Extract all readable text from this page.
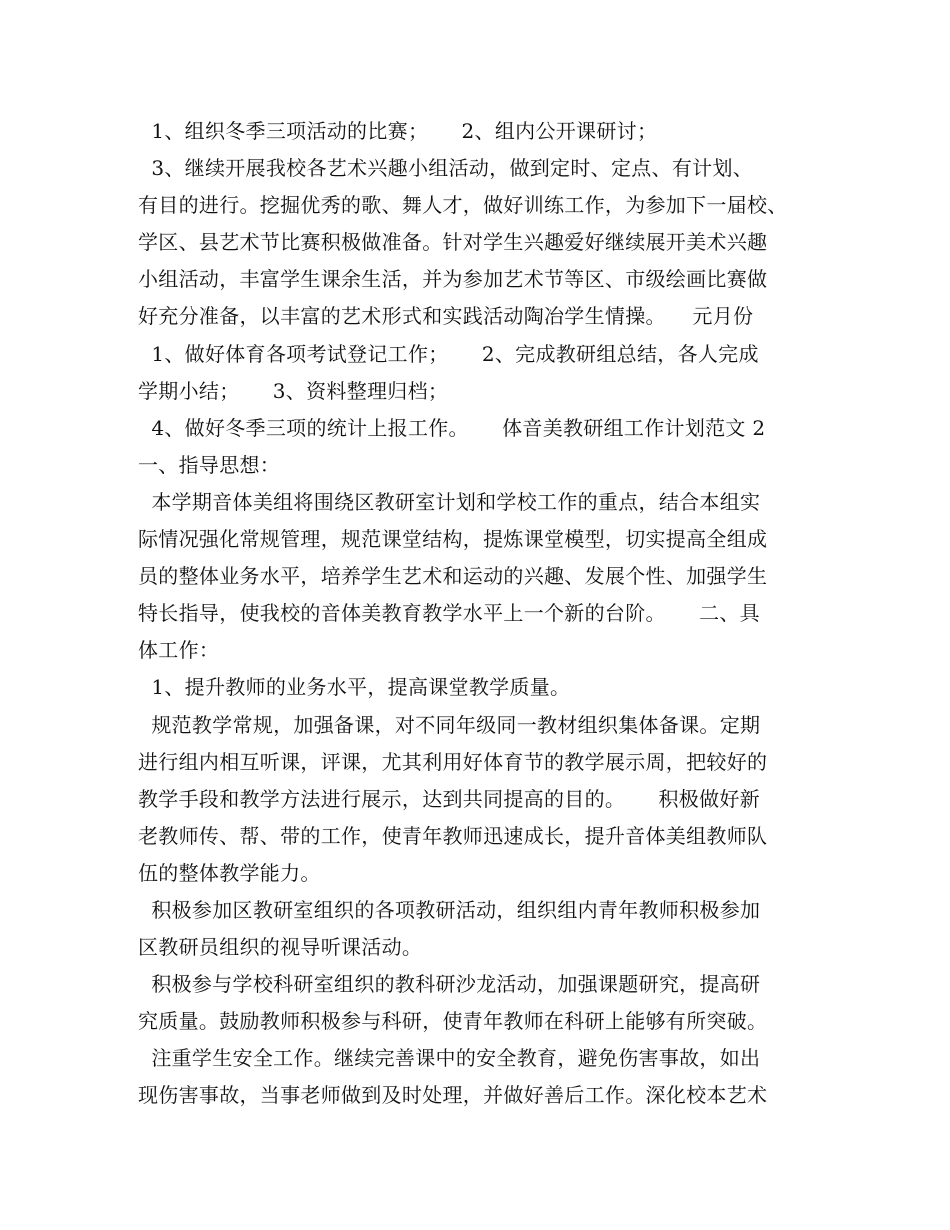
1、组织冬季三项活动的比赛；     2、组内公开课研讨；
3、继续开展我校各艺术兴趣小组活动，做到定时、定点、有计划、
有目的进行。挖掘优秀的歌、舞人才，做好训练工作，为参加下一届校、
学区、县艺术节比赛积极做准备。针对学生兴趣爱好继续展开美术兴趣
小组活动，丰富学生课余生活，并为参加艺术节等区、市级绘画比赛做
好充分准备，以丰富的艺术形式和实践活动陶冶学生情操。    元月份
1、做好体育各项考试登记工作；     2、完成教研组总结，各人完成
学期小结；     3、资料整理归档；
4、做好冬季三项的统计上报工作。     体音美教研组工作计划范文 2
一、指导思想：
本学期音体美组将围绕区教研室计划和学校工作的重点，结合本组实
际情况强化常规管理，规范课堂结构，提炼课堂模型，切实提高全组成
员的整体业务水平，培养学生艺术和运动的兴趣、发展个性、加强学生
特长指导，使我校的音体美教育教学水平上一个新的台阶。     二、具
体工作：
1、提升教师的业务水平，提高课堂教学质量。
规范教学常规，加强备课，对不同年级同一教材组织集体备课。定期
进行组内相互听课，评课，尤其利用好体育节的教学展示周，把较好的
教学手段和教学方法进行展示，达到共同提高的目的。     积极做好新
老教师传、帮、带的工作，使青年教师迅速成长，提升音体美组教师队
伍的整体教学能力。
积极参加区教研室组织的各项教研活动，组织组内青年教师积极参加
区教研员组织的视导听课活动。
积极参与学校科研室组织的教科研沙龙活动，加强课题研究，提高研
究质量。鼓励教师积极参与科研，使青年教师在科研上能够有所突破。
注重学生安全工作。继续完善课中的安全教育，避免伤害事故，如出
现伤害事故，当事老师做到及时处理，并做好善后工作。深化校本艺术
